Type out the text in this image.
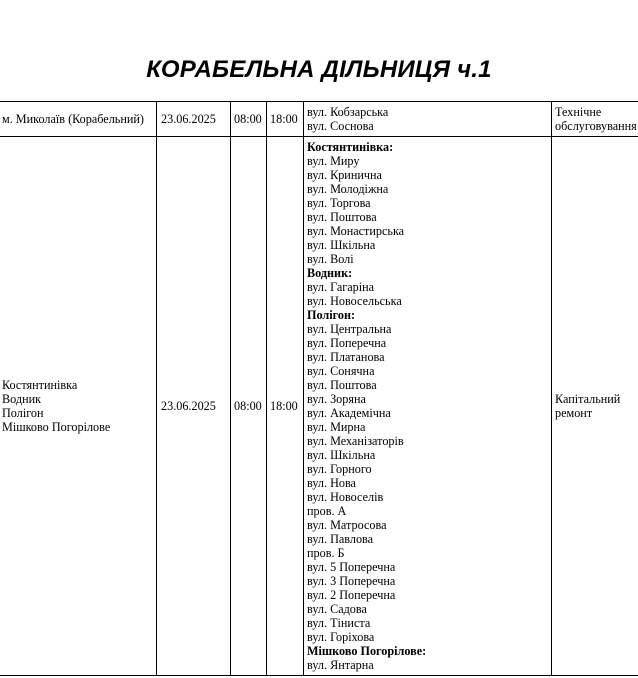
КОРАБЕЛЬНА ДІЛЬНИЦЯ ч.1
м. Миколаїв (Корабельний)	23.06.2025 08:00 18:00 вул. Кобзарська
вул. Соснова
Технічне
обслуговування
Костянтинівка
Водник
Полігон
Мішково Погорілове
23.06.2025 08:00 18:00	Капітальний
ремонт
Костянтинівка:
вул. Миру
вул. Кринична
вул. Молодіжна
вул. Торгова
вул. Поштова
вул. Монастирська
вул. Шкільна
вул. Волі
Водник:
вул. Гагаріна
вул. Новосельська
Полігон:
вул. Центральна
вул. Поперечна
вул. Платанова
вул. Сонячна
вул. Поштова
вул. Зоряна
вул. Академічна
вул. Мирна
вул. Механізаторів
вул. Шкільна
вул. Горного
вул. Нова
вул. Новоселів
пров. А
вул. Матросова
вул. Павлова
пров. Б
вул. 5 Поперечна
вул. 3 Поперечна
вул. 2 Поперечна
вул. Садова
вул. Тіниста
вул. Горіхова
Мішково Погорілове:
вул. Янтарна
